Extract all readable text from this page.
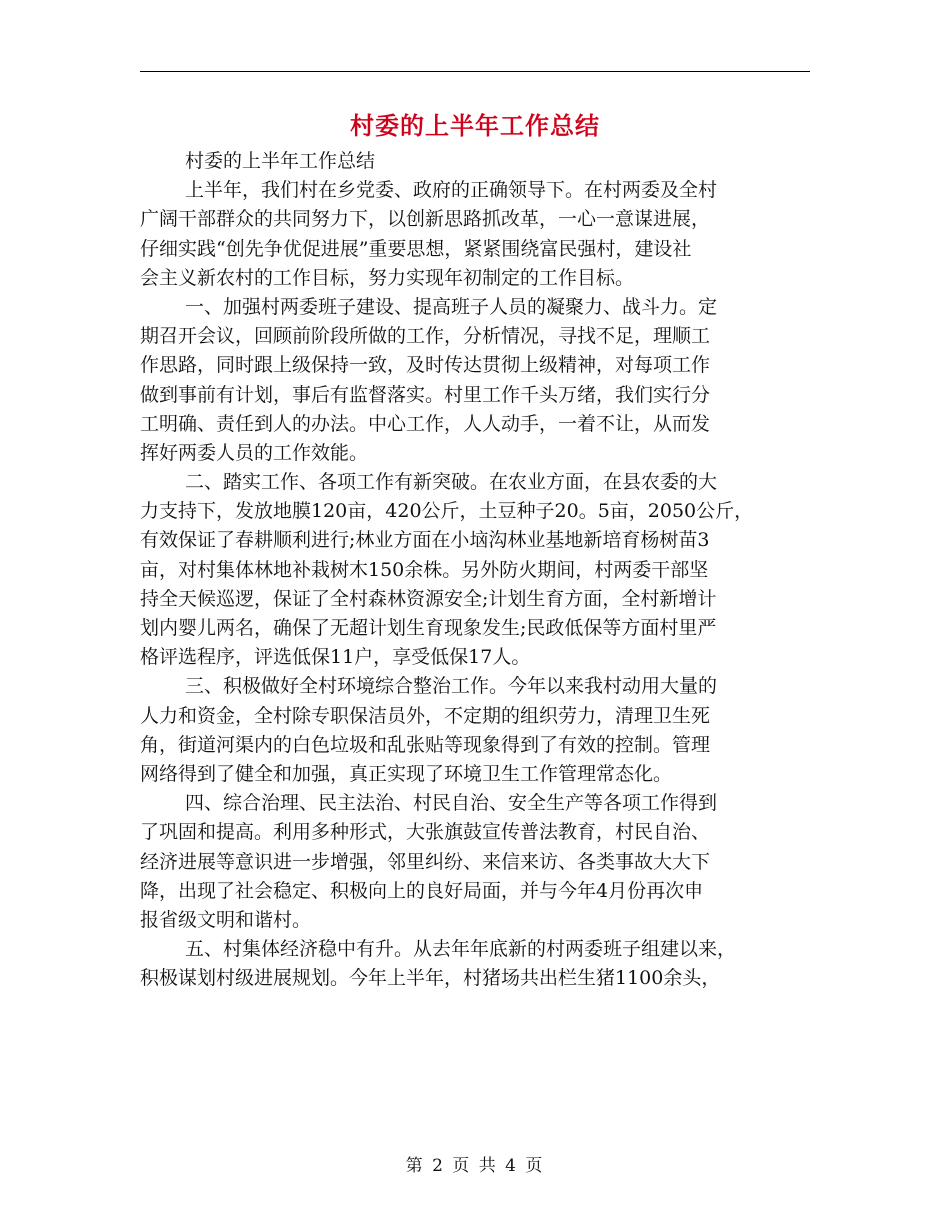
村委的上半年工作总结
村委的上半年工作总结
上半年，我们村在乡党委、政府的正确领导下。在村两委及全村
广阔干部群众的共同努力下，以创新思路抓改革，一心一意谋进展，
仔细实践“创先争优促进展”重要思想，紧紧围绕富民强村，建设社
会主义新农村的工作目标，努力实现年初制定的工作目标。
一、加强村两委班子建设、提高班子人员的凝聚力、战斗力。定
期召开会议，回顾前阶段所做的工作，分析情况，寻找不足，理顺工
作思路，同时跟上级保持一致，及时传达贯彻上级精神，对每项工作
做到事前有计划，事后有监督落实。村里工作千头万绪，我们实行分
工明确、责任到人的办法。中心工作，人人动手，一着不让，从而发
挥好两委人员的工作效能。
二、踏实工作、各项工作有新突破。在农业方面，在县农委的大
力支持下，发放地膜120亩，420公斤，土豆种子20。5亩，2050公斤，
有效保证了春耕顺利进行;林业方面在小垴沟林业基地新培育杨树苗3
亩，对村集体林地补栽树木150余株。另外防火期间，村两委干部坚
持全天候巡逻，保证了全村森林资源安全;计划生育方面，全村新增计
划内婴儿两名，确保了无超计划生育现象发生;民政低保等方面村里严
格评选程序，评选低保11户，享受低保17人。
三、积极做好全村环境综合整治工作。今年以来我村动用大量的
人力和资金，全村除专职保洁员外，不定期的组织劳力，清理卫生死
角，街道河渠内的白色垃圾和乱张贴等现象得到了有效的控制。管理
网络得到了健全和加强，真正实现了环境卫生工作管理常态化。
四、综合治理、民主法治、村民自治、安全生产等各项工作得到
了巩固和提高。利用多种形式，大张旗鼓宣传普法教育，村民自治、
经济进展等意识进一步增强，邻里纠纷、来信来访、各类事故大大下
降，出现了社会稳定、积极向上的良好局面，并与今年4月份再次申
报省级文明和谐村。
五、村集体经济稳中有升。从去年年底新的村两委班子组建以来，
积极谋划村级进展规划。今年上半年，村猪场共出栏生猪1100余头，
第 2 页 共 4 页
